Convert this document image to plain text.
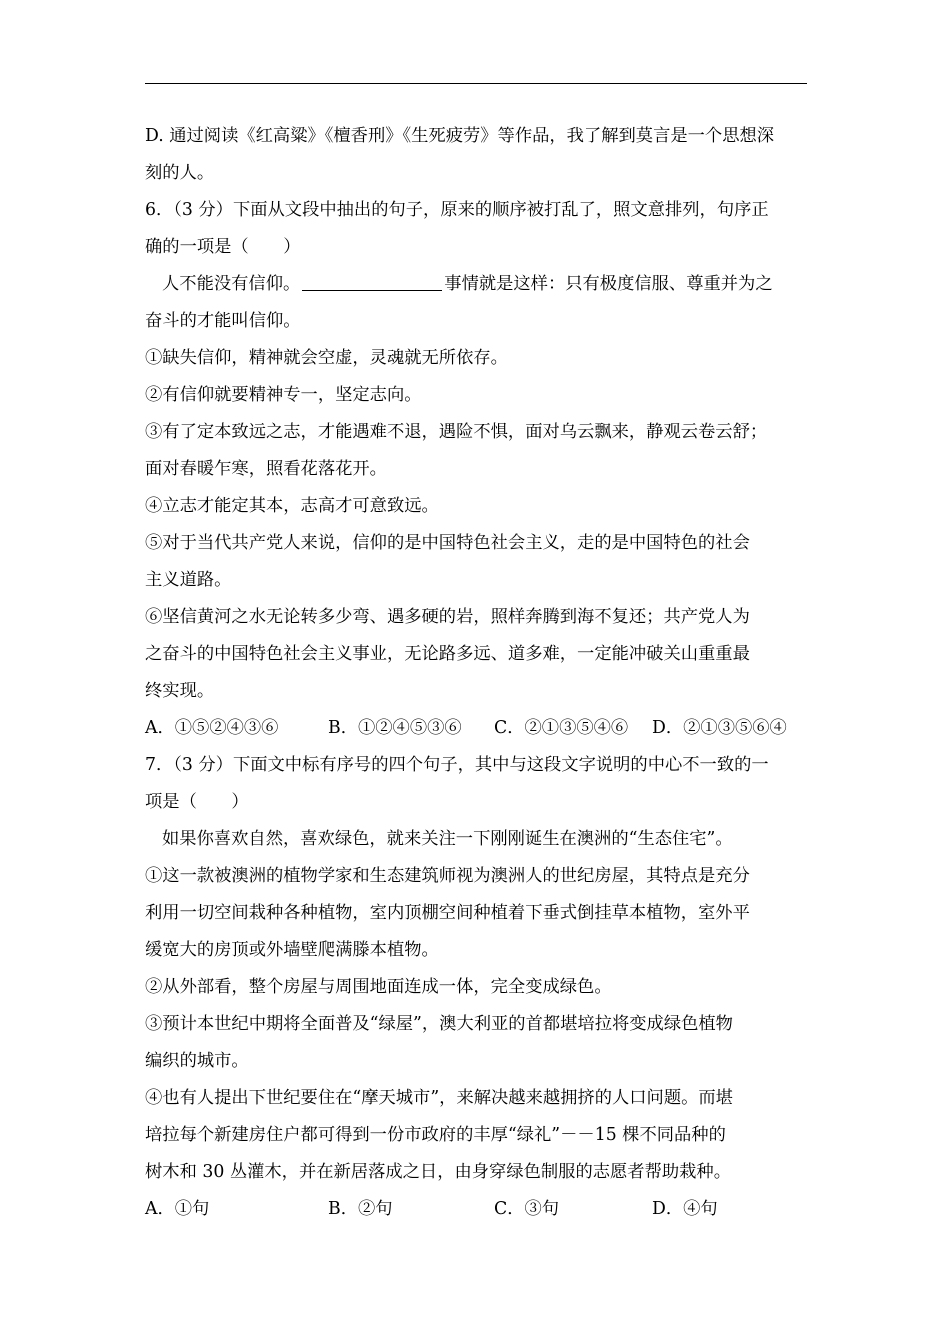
D. 通过阅读《红高粱》《檀香刑》《生死疲劳》等作品，我了解到莫言是一个思想深

刻的人。

6．（3 分）下面从文段中抽出的句子，原来的顺序被打乱了，照文意排列，句序正

确的一项是（　　）

人不能没有信仰。	事情就是这样：只有极度信服、尊重并为之

奋斗的才能叫信仰。

①缺失信仰，精神就会空虚，灵魂就无所依存。

②有信仰就要精神专一，坚定志向。

③有了定本致远之志，才能遇难不退，遇险不惧，面对乌云飘来，静观云卷云舒；

面对春暖乍寒，照看花落花开。

④立志才能定其本，志高才可意致远。

⑤对于当代共产党人来说，信仰的是中国特色社会主义，走的是中国特色的社会

主义道路。

⑥坚信黄河之水无论转多少弯、遇多硬的岩，照样奔腾到海不复还；共产党人为

之奋斗的中国特色社会主义事业，无论路多远、道多难，一定能冲破关山重重最

终实现。

A．①⑤②④③⑥	B．①②④⑤③⑥	C．②①③⑤④⑥	D．②①③⑤⑥④

7．（3 分）下面文中标有序号的四个句子，其中与这段文字说明的中心不一致的一

项是（　　）

如果你喜欢自然，喜欢绿色，就来关注一下刚刚诞生在澳洲的“生态住宅”。

①这一款被澳洲的植物学家和生态建筑师视为澳洲人的世纪房屋，其特点是充分

利用一切空间栽种各种植物，室内顶棚空间种植着下垂式倒挂草本植物，室外平

缓宽大的房顶或外墙壁爬满滕本植物。

②从外部看，整个房屋与周围地面连成一体，完全变成绿色。

③预计本世纪中期将全面普及“绿屋”，澳大利亚的首都堪培拉将变成绿色植物

编织的城市。

④也有人提出下世纪要住在“摩天城市”，来解决越来越拥挤的人口问题。而堪

培拉每个新建房住户都可得到一份市政府的丰厚“绿礼”－－15 棵不同品种的

树木和 30 丛灌木，并在新居落成之日，由身穿绿色制服的志愿者帮助栽种。

A．①句	B．②句	C．③句	D．④句
